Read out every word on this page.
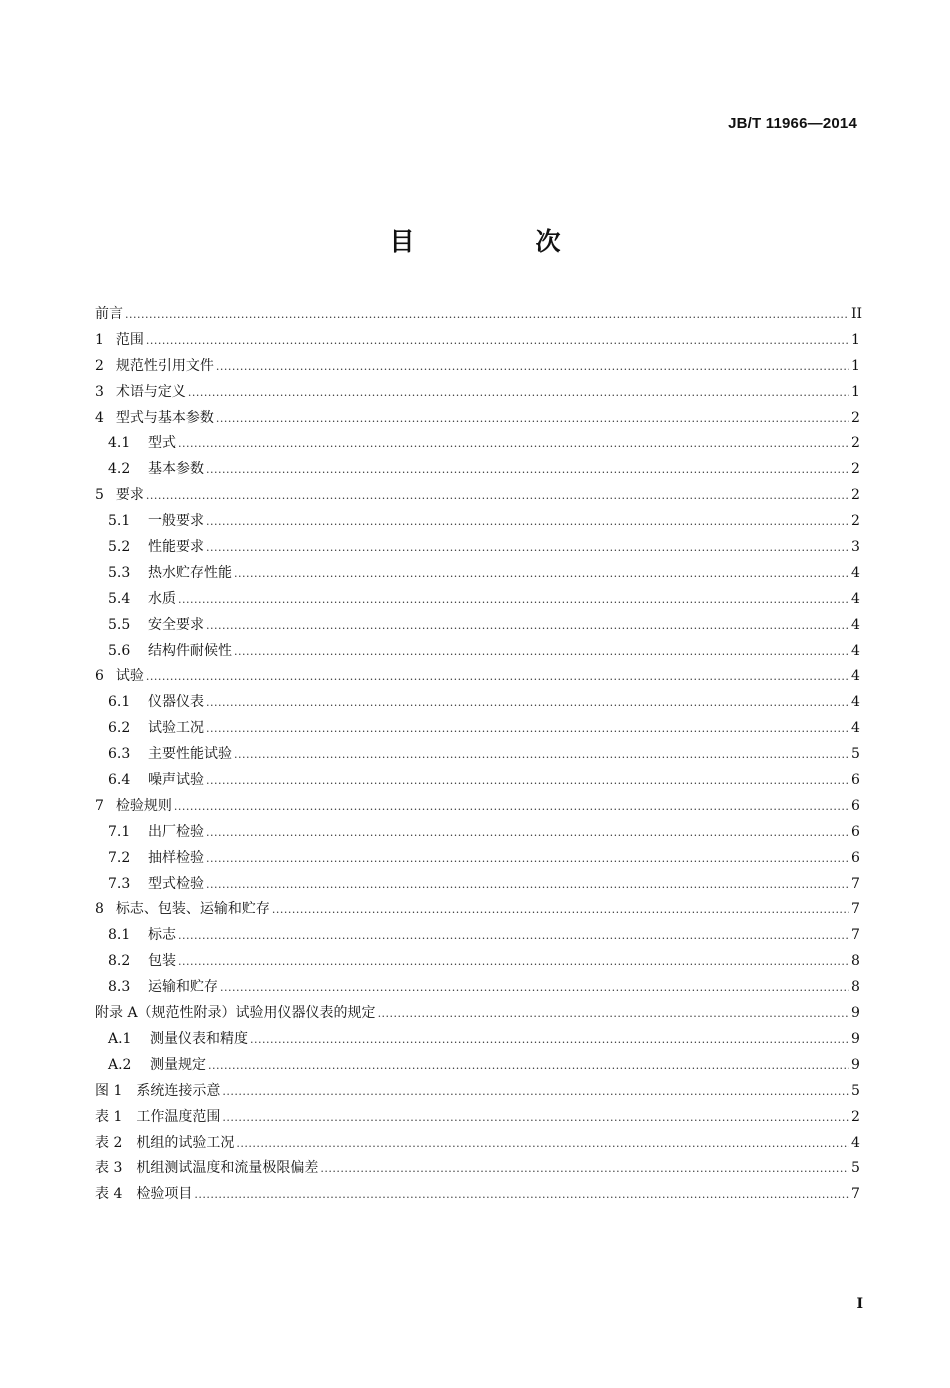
JB/T 11966—2014
目　次
前言 .....	II
1 范围 .....	1
2 规范性引用文件 .....	1
3 术语与定义 .....	1
4 型式与基本参数 .....	2
4.1	型式 .....	2
4.2	基本参数 .....	2
5 要求 .....	2
5.1	一般要求 .....	2
5.2	性能要求 .....	3
5.3	热水贮存性能 .....	4
5.4	水质 .....	4
5.5	安全要求 .....	4
5.6	结构件耐候性 .....	4
6 试验 .....	4
6.1	仪器仪表 .....	4
6.2	试验工况 .....	4
6.3	主要性能试验 .....	5
6.4	噪声试验 .....	6
7 检验规则 .....	6
7.1	出厂检验 .....	6
7.2	抽样检验 .....	6
7.3	型式检验 .....	7
8 标志、包装、运输和贮存 .....	7
8.1	标志 .....	7
8.2	包装 .....	8
8.3	运输和贮存 .....	8
附录 A（规范性附录）试验用仪器仪表的规定 .....	9
A.1	测量仪表和精度 .....	9
A.2	测量规定 .....	9
图 1 系统连接示意 .....	5
表 1 工作温度范围 .....	2
表 2 机组的试验工况 .....	4
表 3 机组测试温度和流量极限偏差 .....	5
表 4 检验项目 .....	7
I
